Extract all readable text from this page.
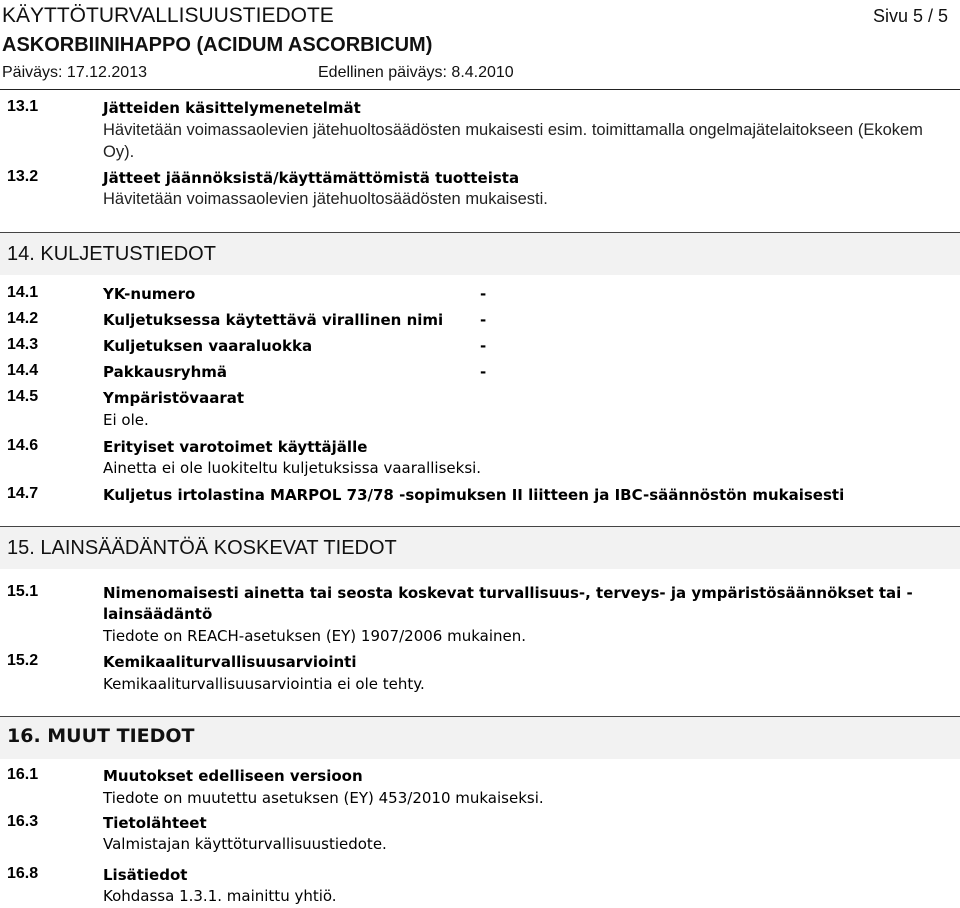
KÄYTTÖTURVALLISUUSTIEDOTE	Sivu 5 / 5
ASKORBIINIHAPPO (ACIDUM ASCORBICUM)
Päiväys: 17.12.2013	Edellinen päiväys: 8.4.2010
13.1	Jätteiden käsittelymenetelmät
Hävitetään voimassaolevien jätehuoltosäädösten mukaisesti esim. toimittamalla ongelmajätelaitokseen (Ekokem
Oy).
13.2	Jätteet jäännöksistä/käyttämättömistä tuotteista
Hävitetään voimassaolevien jätehuoltosäädösten mukaisesti.
14. KULJETUSTIEDOT
14.1	YK-numero	-
14.2	Kuljetuksessa käytettävä virallinen nimi -
14.3	Kuljetuksen vaaraluokka	-
14.4	Pakkausryhmä	-
14.5	Ympäristövaarat
Ei ole.
14.6	Erityiset varotoimet käyttäjälle
Ainetta ei ole luokiteltu kuljetuksissa vaaralliseksi.
14.7	Kuljetus irtolastina MARPOL 73/78 -sopimuksen II liitteen ja IBC-säännöstön mukaisesti
15. LAINSÄÄDÄNTÖÄ KOSKEVAT TIEDOT
15.1	Nimenomaisesti ainetta tai seosta koskevat turvallisuus-, terveys- ja ympäristösäännökset tai -
lainsäädäntö
Tiedote on REACH-asetuksen (EY) 1907/2006 mukainen.
15.2	Kemikaaliturvallisuusarviointi
Kemikaaliturvallisuusarviointia ei ole tehty.
16. MUUT TIEDOT
16.1	Muutokset edelliseen versioon
Tiedote on muutettu asetuksen (EY) 453/2010 mukaiseksi.
16.3	Tietolähteet
Valmistajan käyttöturvallisuustiedote.
16.8	Lisätiedot
Kohdassa 1.3.1. mainittu yhtiö.
